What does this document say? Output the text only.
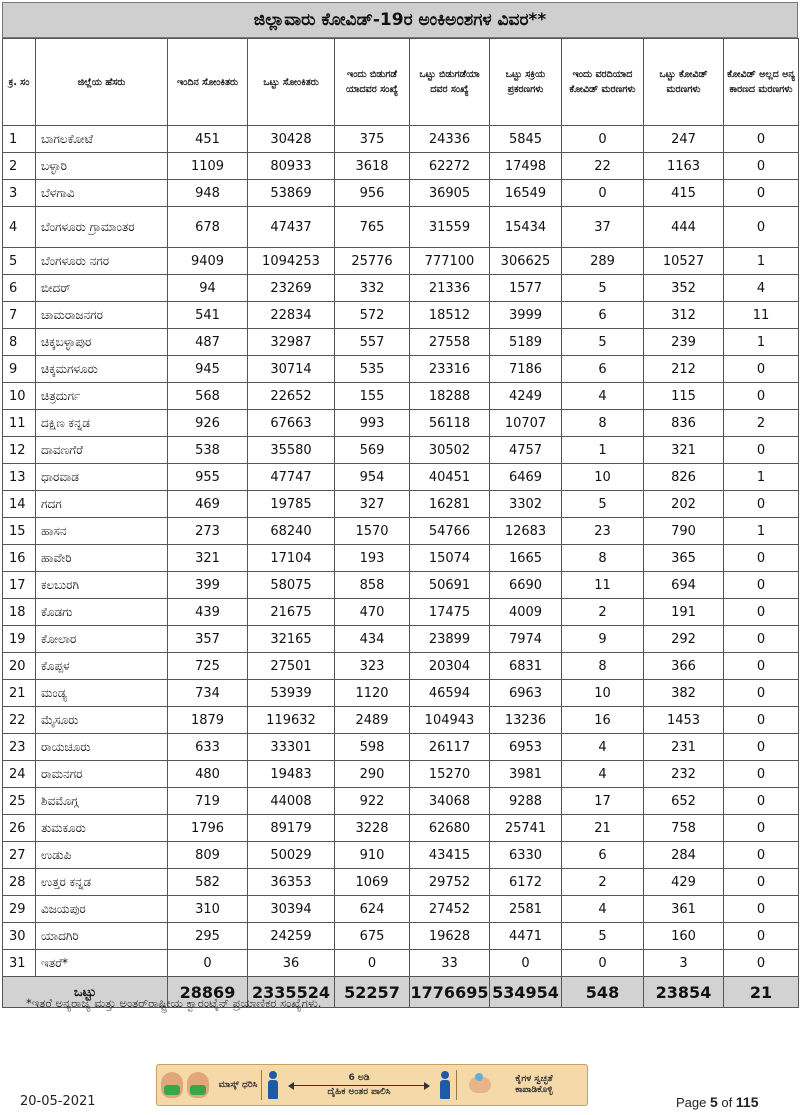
ಜಿಲ್ಲಾವಾರು ಕೋವಿಡ್-19ರ ಅಂಕಿಅಂಶಗಳ ವಿವರ**
ಕ್ರ. ಸಂ	ಜಿಲ್ಲೆಯ ಹೆಸರು	ಇಂದಿನ ಸೋಂಕಿತರು	ಒಟ್ಟು ಸೋಂಕಿತರು	ಇಂದು ಬಿಡುಗಡೆ ಯಾದವರ ಸಂಖ್ಯೆ	ಒಟ್ಟು ಬಿಡುಗಡೆಯಾ ದವರ ಸಂಖ್ಯೆ	ಒಟ್ಟು ಸಕ್ರಿಯ ಪ್ರಕರಣಗಳು	ಇಂದು ವರದಿಯಾದ ಕೋವಿಡ್ ಮರಣಗಳು	ಒಟ್ಟು ಕೋವಿಡ್ ಮರಣಗಳು	ಕೋವಿಡ್ ಅಲ್ಲದ ಅನ್ಯ ಕಾರಣದ ಮರಣಗಳು
1	ಬಾಗಲಕೋಟೆ	451	30428	375	24336	5845	0	247	0
2	ಬಳ್ಳಾರಿ	1109	80933	3618	62272	17498	22	1163	0
3	ಬೆಳಗಾವಿ	948	53869	956	36905	16549	0	415	0
4	ಬೆಂಗಳೂರು ಗ್ರಾಮಾಂತರ	678	47437	765	31559	15434	37	444	0
5	ಬೆಂಗಳೂರು ನಗರ	9409	1094253	25776	777100	306625	289	10527	1
6	ಬೀದರ್	94	23269	332	21336	1577	5	352	4
7	ಚಾಮರಾಜನಗರ	541	22834	572	18512	3999	6	312	11
8	ಚಿಕ್ಕಬಳ್ಳಾಪುರ	487	32987	557	27558	5189	5	239	1
9	ಚಿಕ್ಕಮಗಳೂರು	945	30714	535	23316	7186	6	212	0
10	ಚಿತ್ರದುರ್ಗ	568	22652	155	18288	4249	4	115	0
11	ದಕ್ಷಿಣ ಕನ್ನಡ	926	67663	993	56118	10707	8	836	2
12	ದಾವಣಗೆರೆ	538	35580	569	30502	4757	1	321	0
13	ಧಾರವಾಡ	955	47747	954	40451	6469	10	826	1
14	ಗದಗ	469	19785	327	16281	3302	5	202	0
15	ಹಾಸನ	273	68240	1570	54766	12683	23	790	1
16	ಹಾವೇರಿ	321	17104	193	15074	1665	8	365	0
17	ಕಲಬುರಗಿ	399	58075	858	50691	6690	11	694	0
18	ಕೊಡಗು	439	21675	470	17475	4009	2	191	0
19	ಕೋಲಾರ	357	32165	434	23899	7974	9	292	0
20	ಕೊಪ್ಪಳ	725	27501	323	20304	6831	8	366	0
21	ಮಂಡ್ಯ	734	53939	1120	46594	6963	10	382	0
22	ಮೈಸೂರು	1879	119632	2489	104943	13236	16	1453	0
23	ರಾಯಚೂರು	633	33301	598	26117	6953	4	231	0
24	ರಾಮನಗರ	480	19483	290	15270	3981	4	232	0
25	ಶಿವಮೊಗ್ಗ	719	44008	922	34068	9288	17	652	0
26	ತುಮಕೂರು	1796	89179	3228	62680	25741	21	758	0
27	ಉಡುಪಿ	809	50029	910	43415	6330	6	284	0
28	ಉತ್ತರ ಕನ್ನಡ	582	36353	1069	29752	6172	2	429	0
29	ವಿಜಯಪುರ	310	30394	624	27452	2581	4	361	0
30	ಯಾದಗಿರಿ	295	24259	675	19628	4471	5	160	0
31	ಇತರೆ*	0	36	0	33	0	0	3	0
ಒಟ್ಟು		28869	2335524	52257	1776695	534954	548	23854	21
*ಇತರೆ ಅನ್ಯರಾಜ್ಯ ಮತ್ತು ಅಂತರ್‌ರಾಷ್ಟ್ರೀಯ ಕ್ವಾರಂಟೈನ್ ಪ್ರಯಾಣಿಕರ ಸಂಖ್ಯೆಗಳು.
ಮಾಸ್ಕ್ ಧರಿಸಿ
6 ಅಡಿ
ದೈಹಿಕ ಅಂತರ ಪಾಲಿಸಿ
ಕೈಗಳ ಸ್ವಚ್ಛತೆ ಕಾಪಾಡಿಕೊಳ್ಳಿ
20-05-2021	Page 5 of 115
